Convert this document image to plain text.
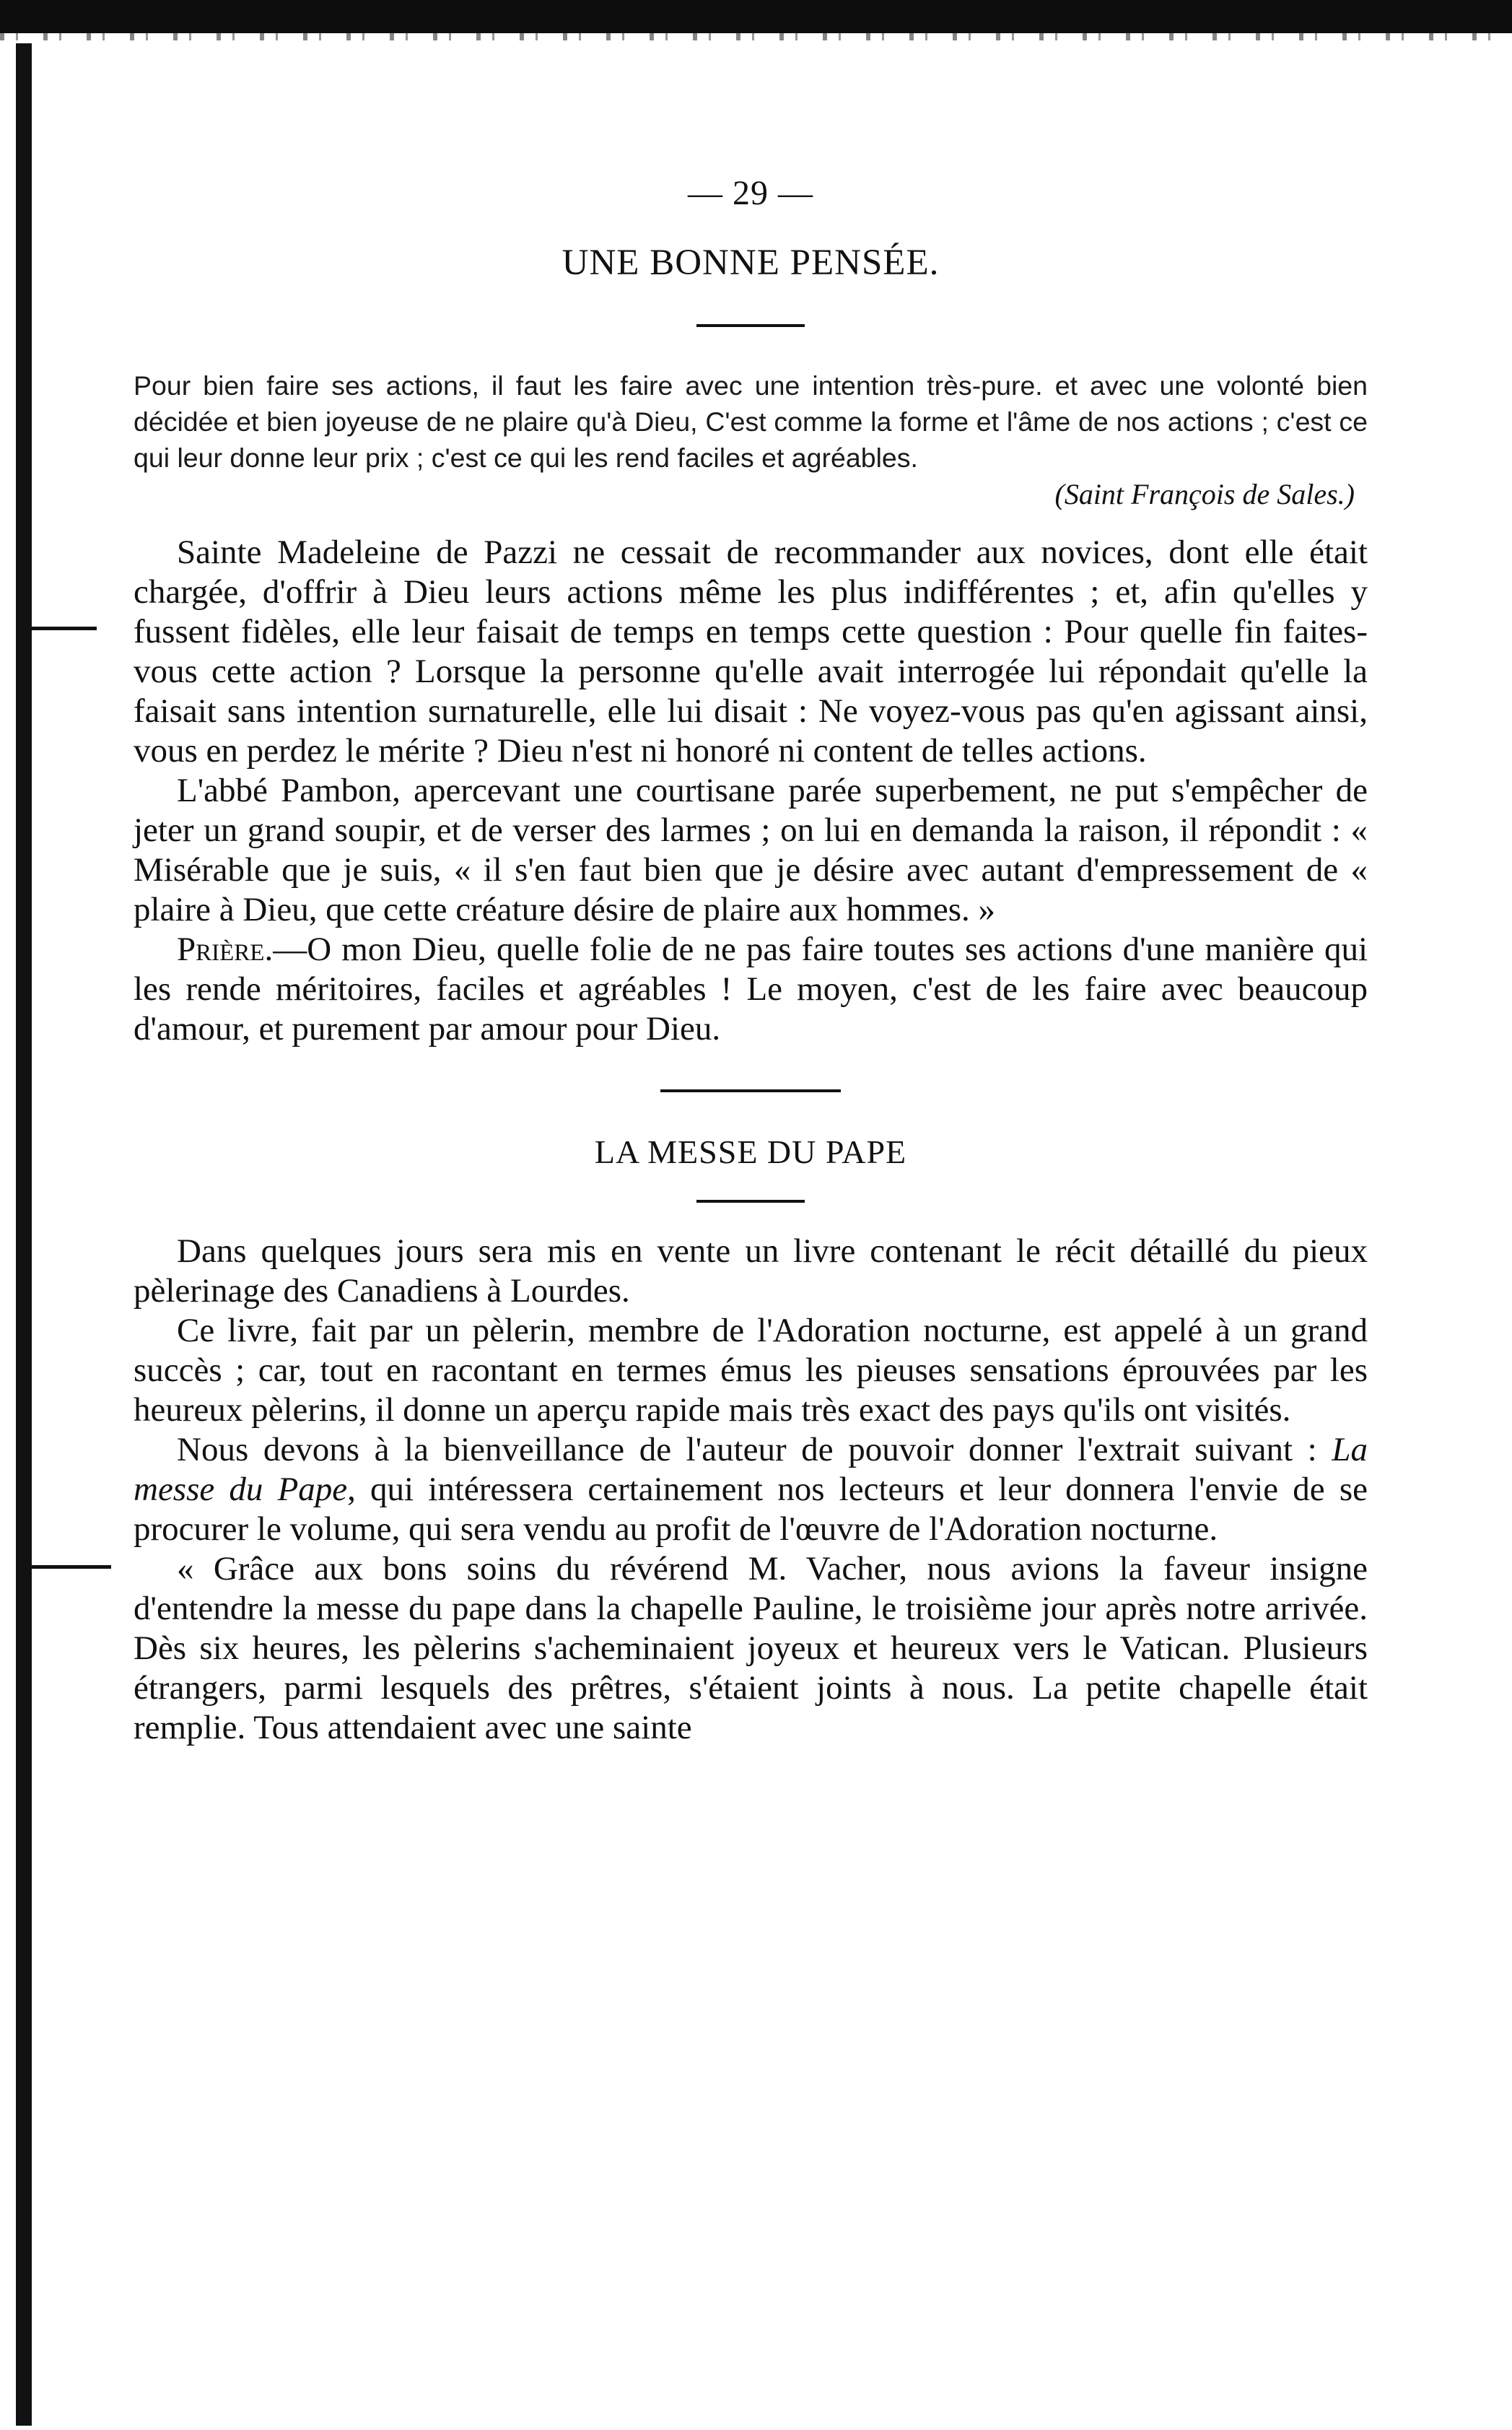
— 29 —
UNE BONNE PENSÉE.

Pour bien faire ses actions, il faut les faire avec une intention très-pure. et avec une volonté bien décidée et bien joyeuse de ne plaire qu'à Dieu, C'est comme la forme et l'âme de nos actions ; c'est ce qui leur donne leur prix ; c'est ce qui les rend faciles et agréables.

(Saint François de Sales.)

Sainte Madeleine de Pazzi ne cessait de recommander aux novices, dont elle était chargée, d'offrir à Dieu leurs actions même les plus indifférentes ; et, afin qu'elles y fussent fidèles, elle leur faisait de temps en temps cette question : Pour quelle fin faites-vous cette action ? Lorsque la personne qu'elle avait interrogée lui répondait qu'elle la faisait sans intention surnaturelle, elle lui disait : Ne voyez-vous pas qu'en agissant ainsi, vous en perdez le mérite ? Dieu n'est ni honoré ni content de telles actions.

L'abbé Pambon, apercevant une courtisane parée superbement, ne put s'empêcher de jeter un grand soupir, et de verser des larmes ; on lui en demanda la raison, il répondit : « Misérable que je suis, « il s'en faut bien que je désire avec autant d'empressement de « plaire à Dieu, que cette créature désire de plaire aux hommes. »

Prière.—O mon Dieu, quelle folie de ne pas faire toutes ses actions d'une manière qui les rende méritoires, faciles et agréables ! Le moyen, c'est de les faire avec beaucoup d'amour, et purement par amour pour Dieu.

LA MESSE DU PAPE

Dans quelques jours sera mis en vente un livre contenant le récit détaillé du pieux pèlerinage des Canadiens à Lourdes.

Ce livre, fait par un pèlerin, membre de l'Adoration nocturne, est appelé à un grand succès ; car, tout en racontant en termes émus les pieuses sensations éprouvées par les heureux pèlerins, il donne un aperçu rapide mais très exact des pays qu'ils ont visités.

Nous devons à la bienveillance de l'auteur de pouvoir donner l'extrait suivant : La messe du Pape, qui intéressera certainement nos lecteurs et leur donnera l'envie de se procurer le volume, qui sera vendu au profit de l'œuvre de l'Adoration nocturne.

« Grâce aux bons soins du révérend M. Vacher, nous avions la faveur insigne d'entendre la messe du pape dans la chapelle Pauline, le troisième jour après notre arrivée. Dès six heures, les pèlerins s'acheminaient joyeux et heureux vers le Vatican. Plusieurs étrangers, parmi lesquels des prêtres, s'étaient joints à nous. La petite chapelle était remplie. Tous attendaient avec une sainte
